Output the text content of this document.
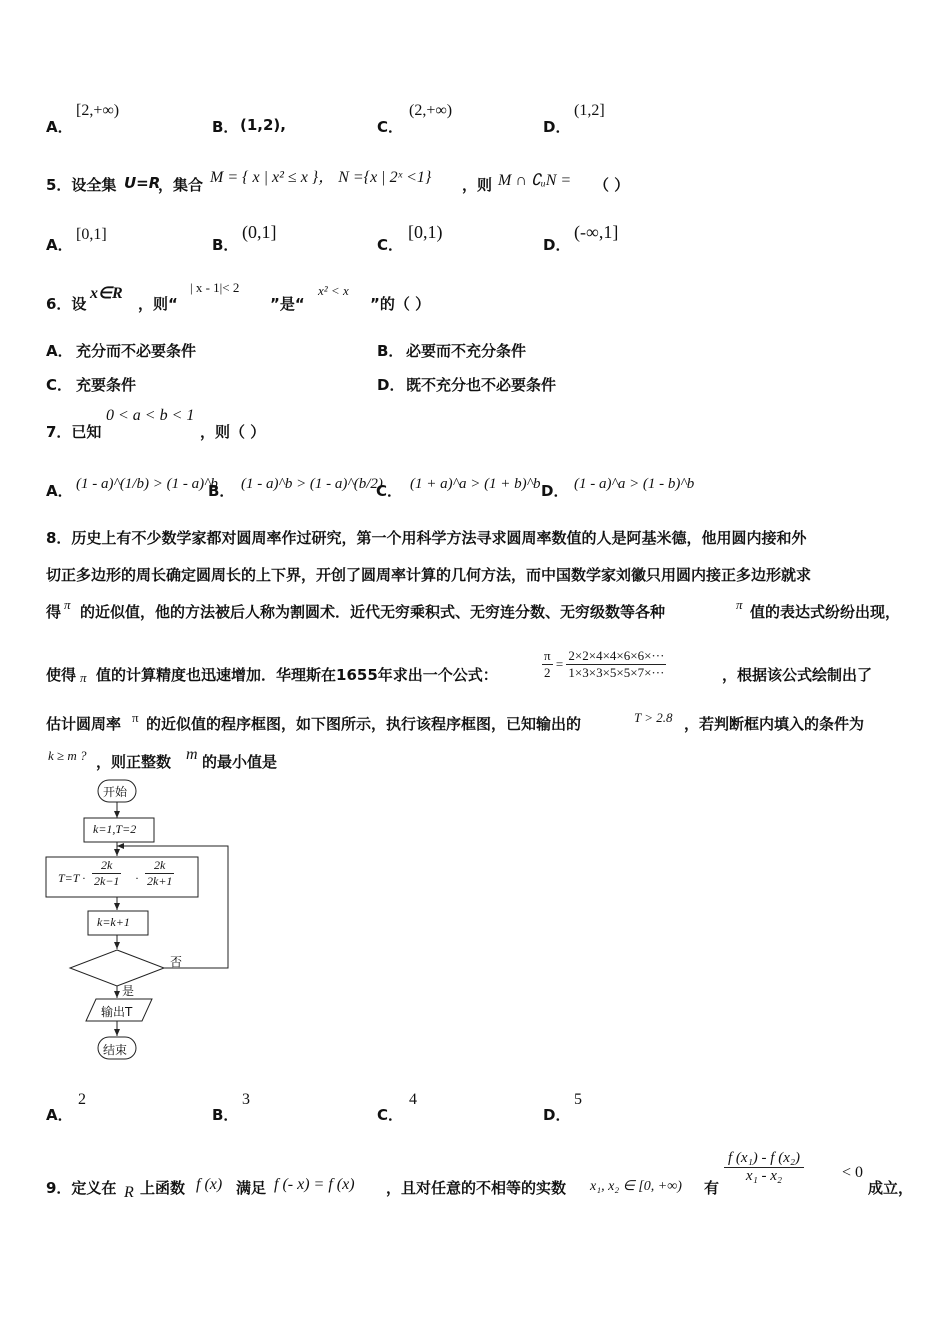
A．
[2,+∞)
B． (1,2),	C．
(2,+∞)
D．
(1,2]
5．设全集 U=R
，集合 M = { x | x² ≤ x }， N ={x | 2ˣ <1} ，则 M ∩ ∁ᵤN = （ ）
A．
[0,1]
B．
(0,1]
C．
[0,1)
D．
(-∞,1]
6．设
x∈R
，则“
| x - 1|< 2
”是“
x² < x
”的（ ）
A． 充分而不必要条件	B． 必要而不充分条件
C． 充要条件	D． 既不充分也不必要条件
7．已知
0 < a < b < 1
，则（ ）
A． (1 - a)^(1/b) > (1 - a)^b
B． (1 - a)^b > (1 - a)^(b/2)
C． (1 + a)^a > (1 + b)^b D． (1 - a)^a > (1 - b)^b
8．历史上有不少数学家都对圆周率作过研究，第一个用科学方法寻求圆周率数值的人是阿基米德，他用圆内接和外
切正多边形的周长确定圆周长的上下界，开创了圆周率计算的几何方法，而中国数学家刘徽只用圆内接正多边形就求
得 π 的近似值，他的方法被后人称为割圆术．近代无穷乘积式、无穷连分数、无穷级数等各种	π 值的表达式纷纷出现，
使得 π 值的计算精度也迅速增加．华理斯在1655年求出一个公式：	$\frac{\pi}{2} = \frac{2\times 2\times 4\times 4\times 6\times 6\times\cdot\cdot\cdot}{1\times 3\times 3\times 5\times 5\times 7\times\cdot\cdot\cdot}$	，根据该公式绘制出了
估计圆周率 π 的近似值的程序框图，如下图所示，执行该程序框图，已知输出的	T > 2.8 ，若判断框内填入的条件为
k ≥ m ? ，则正整数 m 的最小值是
开始
k=1,T=2
$T=T \cdot \frac{2k}{2k-1} \cdot \frac{2k}{2k+1}$
k=k+1
否
是
输出T
结束
A．
2
B．
3
C．
4
D．
5
9．定义在 R 上函数 f (x) 满足 f (- x) = f (x) ，且对任意的不相等的实数 x₁, x₂ ∈ [0, +∞) 有
$\frac{\text{f (x₁) - f (x₂)}}{\text{x₁ - x₂}} < 0$
成立，
